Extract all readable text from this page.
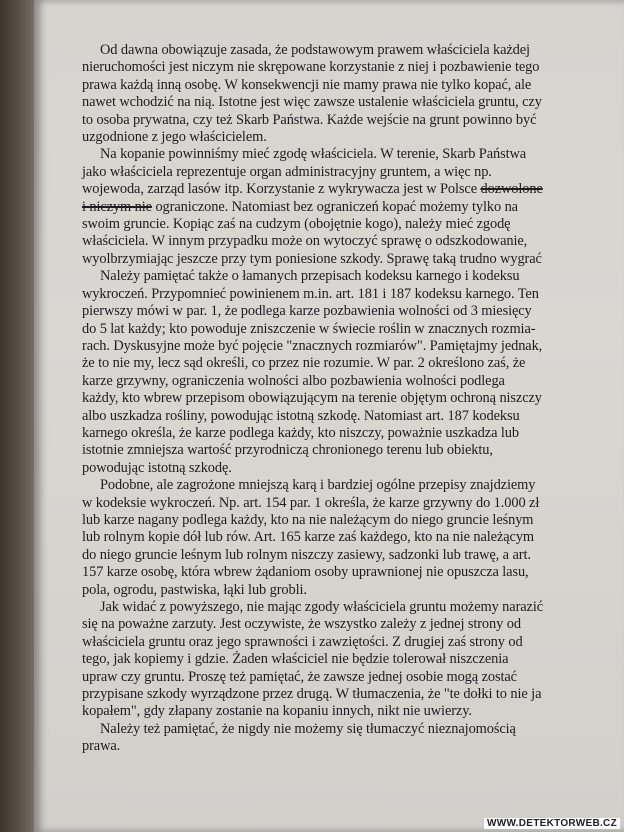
Od dawna obowiązuje zasada, że podstawowym prawem właściciela każdej
nieruchomości jest niczym nie skrępowane korzystanie z niej i pozbawienie tego
prawa każdą inną osobę. W konsekwencji nie mamy prawa nie tylko kopać, ale
nawet wchodzić na nią. Istotne jest więc zawsze ustalenie właściciela gruntu, czy
to osoba prywatna, czy też Skarb Państwa. Każde wejście na grunt powinno być
uzgodnione z jego właścicielem.
Na kopanie powinniśmy mieć zgodę właściciela. W terenie, Skarb Państwa
jako właściciela reprezentuje organ administracyjny gruntem, a więc np.
wojewoda, zarząd lasów itp. Korzystanie z wykrywacza jest w Polsce dozwolone
i niczym nie ograniczone. Natomiast bez ograniczeń kopać możemy tylko na
swoim gruncie. Kopiąc zaś na cudzym (obojętnie kogo), należy mieć zgodę
właściciela. W innym przypadku może on wytoczyć sprawę o odszkodowanie,
wyolbrzymiając jeszcze przy tym poniesione szkody. Sprawę taką trudno wygrać
Należy pamiętać także o łamanych przepisach kodeksu karnego i kodeksu
wykroczeń. Przypomnieć powinienem m.in. art. 181 i 187 kodeksu karnego. Ten
pierwszy mówi w par. 1, że podlega karze pozbawienia wolności od 3 miesięcy
do 5 lat każdy; kto powoduje zniszczenie w świecie roślin w znacznych rozmia-
rach. Dyskusyjne może być pojęcie "znacznych rozmiarów". Pamiętajmy jednak,
że to nie my, lecz sąd określi, co przez nie rozumie. W par. 2 określono zaś, że
karze grzywny, ograniczenia wolności albo pozbawienia wolności podlega
każdy, kto wbrew przepisom obowiązującym na terenie objętym ochroną niszczy
albo uszkadza rośliny, powodując istotną szkodę. Natomiast art. 187 kodeksu
karnego określa, że karze podlega każdy, kto niszczy, poważnie uszkadza lub
istotnie zmniejsza wartość przyrodniczą chronionego terenu lub obiektu,
powodując istotną szkodę.
Podobne, ale zagrożone mniejszą karą i bardziej ogólne przepisy znajdziemy
w kodeksie wykroczeń. Np. art. 154 par. 1 określa, że karze grzywny do 1.000 zł
lub karze nagany podlega każdy, kto na nie należącym do niego gruncie leśnym
lub rolnym kopie dół lub rów. Art. 165 karze zaś każdego, kto na nie należącym
do niego gruncie leśnym lub rolnym niszczy zasiewy, sadzonki lub trawę, a art.
157 karze osobę, która wbrew żądaniom osoby uprawnionej nie opuszcza lasu,
pola, ogrodu, pastwiska, łąki lub grobli.
Jak widać z powyższego, nie mając zgody właściciela gruntu możemy narazić
się na poważne zarzuty. Jest oczywiste, że wszystko zależy z jednej strony od
właściciela gruntu oraz jego sprawności i zawziętości. Z drugiej zaś strony od
tego, jak kopiemy i gdzie. Żaden właściciel nie będzie tolerował niszczenia
upraw czy gruntu. Proszę też pamiętać, że zawsze jednej osobie mogą zostać
przypisane szkody wyrządzone przez drugą. W tłumaczenia, że "te dołki to nie ja
kopałem", gdy złapany zostanie na kopaniu innych, nikt nie uwierzy.
Należy też pamiętać, że nigdy nie możemy się tłumaczyć nieznajomością
prawa.
WWW.DETEKTORWEB.CZ
